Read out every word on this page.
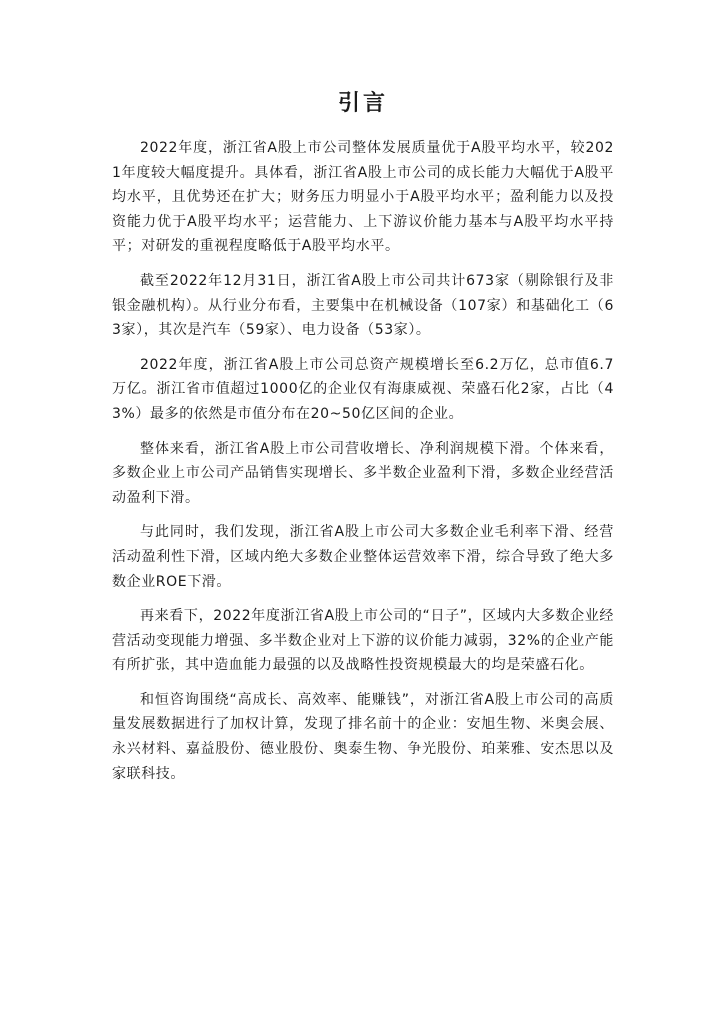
引言

2022年度，浙江省A股上市公司整体发展质量优于A股平均水平，较2021年度较大幅度提升。具体看，浙江省A股上市公司的成长能力大幅优于A股平均水平，且优势还在扩大；财务压力明显小于A股平均水平；盈利能力以及投资能力优于A股平均水平；运营能力、上下游议价能力基本与A股平均水平持平；对研发的重视程度略低于A股平均水平。

截至2022年12月31日，浙江省A股上市公司共计673家（剔除银行及非银金融机构）。从行业分布看，主要集中在机械设备（107家）和基础化工（63家），其次是汽车（59家）、电力设备（53家）。

2022年度，浙江省A股上市公司总资产规模增长至6.2万亿，总市值6.7万亿。浙江省市值超过1000亿的企业仅有海康威视、荣盛石化2家，占比（43%）最多的依然是市值分布在20~50亿区间的企业。

整体来看，浙江省A股上市公司营收增长、净利润规模下滑。个体来看，多数企业上市公司产品销售实现增长、多半数企业盈利下滑，多数企业经营活动盈利下滑。

与此同时，我们发现，浙江省A股上市公司大多数企业毛利率下滑、经营活动盈利性下滑，区域内绝大多数企业整体运营效率下滑，综合导致了绝大多数企业ROE下滑。

再来看下，2022年度浙江省A股上市公司的“日子”，区域内大多数企业经营活动变现能力增强、多半数企业对上下游的议价能力减弱，32%的企业产能有所扩张，其中造血能力最强的以及战略性投资规模最大的均是荣盛石化。

和恒咨询围绕“高成长、高效率、能赚钱”，对浙江省A股上市公司的高质量发展数据进行了加权计算，发现了排名前十的企业：安旭生物、米奥会展、永兴材料、嘉益股份、德业股份、奥泰生物、争光股份、珀莱雅、安杰思以及家联科技。
